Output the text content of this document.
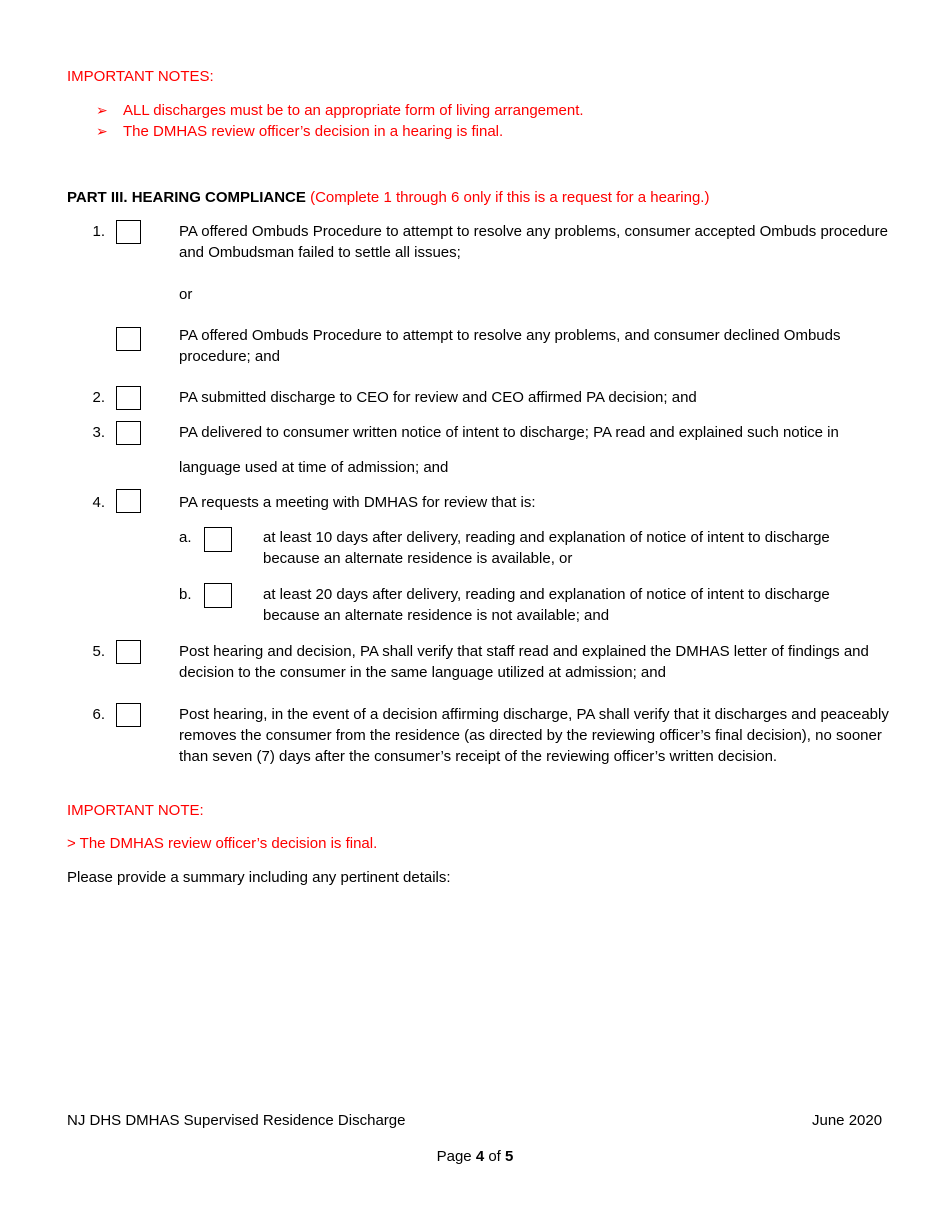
IMPORTANT NOTES:
➢ ALL discharges must be to an appropriate form of living arrangement.
➢ The DMHAS review officer’s decision in a hearing is final.
PART III. HEARING COMPLIANCE (Complete 1 through 6 only if this is a request for a hearing.)
1.	PA offered Ombuds Procedure to attempt to resolve any problems, consumer accepted Ombuds procedure and Ombudsman failed to settle all issues;
or
PA offered Ombuds Procedure to attempt to resolve any problems, and consumer declined Ombuds procedure; and
2.	PA submitted discharge to CEO for review and CEO affirmed PA decision; and
3.	PA delivered to consumer written notice of intent to discharge; PA read and explained such notice in
language used at time of admission; and
4.	PA requests a meeting with DMHAS for review that is:
a.	at least 10 days after delivery, reading and explanation of notice of intent to discharge because an alternate residence is available, or
b.	at least 20 days after delivery, reading and explanation of notice of intent to discharge because an alternate residence is not available; and
5.	Post hearing and decision, PA shall verify that staff read and explained the DMHAS letter of findings and decision to the consumer in the same language utilized at admission; and
6.	Post hearing, in the event of a decision affirming discharge, PA shall verify that it discharges and peaceably removes the consumer from the residence (as directed by the reviewing officer’s final decision), no sooner than seven (7) days after the consumer’s receipt of the reviewing officer’s written decision.
IMPORTANT NOTE:
> The DMHAS review officer’s decision is final.
Please provide a summary including any pertinent details:
NJ DHS DMHAS Supervised Residence Discharge	June 2020
Page 4 of 5
